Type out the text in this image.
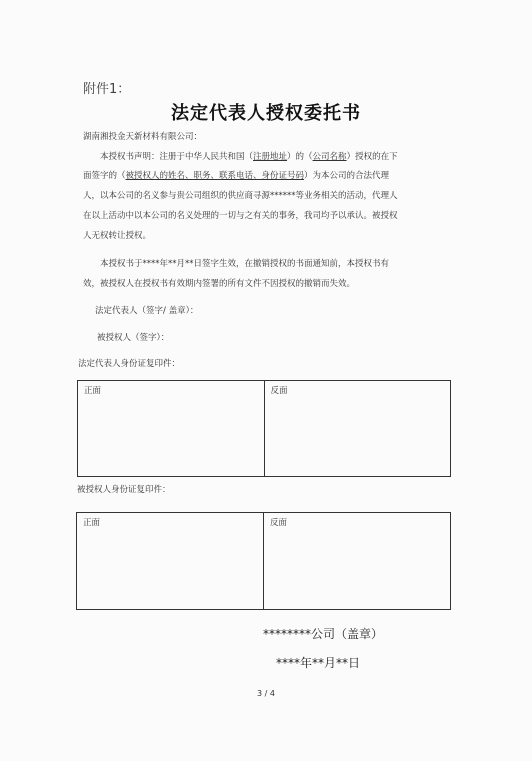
附件1：
法定代表人授权委托书
湖南湘投金天新材料有限公司：
本授权书声明：注册于中华人民共和国（注册地址）的（公司名称）授权的在下
面签字的（被授权人的姓名、职务、联系电话、身份证号码）为本公司的合法代理
人，以本公司的名义参与贵公司组织的供应商寻源******等业务相关的活动，代理人
在以上活动中以本公司的名义处理的一切与之有关的事务，我司均予以承认。被授权
人无权转让授权。
本授权书于****年**月**日签字生效，在撤销授权的书面通知前，本授权书有
效，被授权人在授权书有效期内签署的所有文件不因授权的撤销而失效。
法定代表人（签字/ 盖章）：
被授权人（签字）：
法定代表人身份证复印件：
正面	反面
被授权人身份证复印件：
正面	反面
********公司（盖章）
****年**月**日
3 / 4
